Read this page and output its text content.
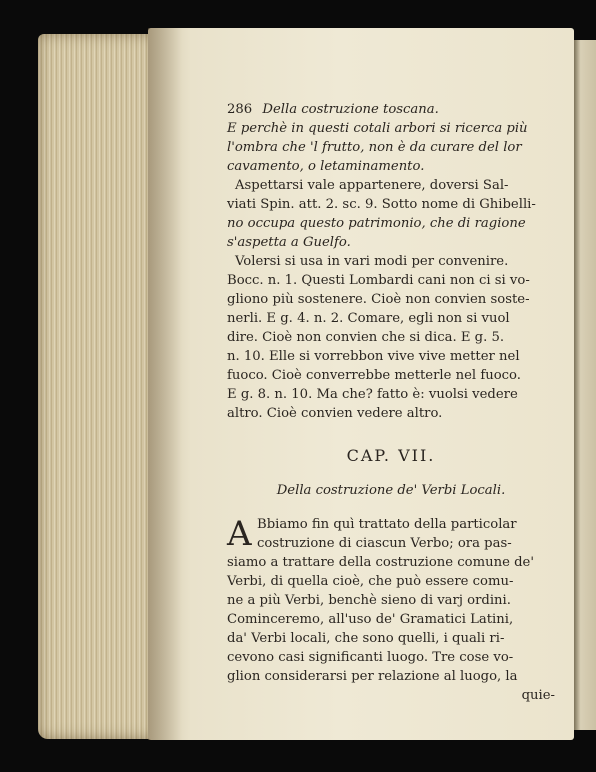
286 Della costruzione toscana.
E perchè in questi cotali arbori si ricerca più
l'ombra che 'l frutto, non è da curare del lor
cavamento, o letaminamento.
Aspettarsi vale appartenere, doversi Sal-
viati Spin. att. 2. sc. 9. Sotto nome di Ghibelli-
no occupa questo patrimonio, che di ragione
s'aspetta a Guelfo.
Volersi si usa in vari modi per convenire.
Bocc. n. 1. Questi Lombardi cani non ci si vo-
gliono più sostenere. Cioè non convien soste-
nerli. E g. 4. n. 2. Comare, egli non si vuol
dire. Cioè non convien che si dica. E g. 5.
n. 10. Elle si vorrebbon vive vive metter nel
fuoco. Cioè converrebbe metterle nel fuoco.
E g. 8. n. 10. Ma che? fatto è: vuolsi vedere
altro. Cioè convien vedere altro.
CAP. VII.
Della costruzione de' Verbi Locali.
A Bbiamo fin quì trattato della particolar
costruzione di ciascun Verbo; ora pas-
siamo a trattare della costruzione comune de'
Verbi, di quella cioè, che può essere comu-
ne a più Verbi, benchè sieno di varj ordini.
Cominceremo, all'uso de' Gramatici Latini,
da' Verbi locali, che sono quelli, i quali ri-
cevono casi significanti luogo. Tre cose vo-
glion considerarsi per relazione al luogo, la
quie-
